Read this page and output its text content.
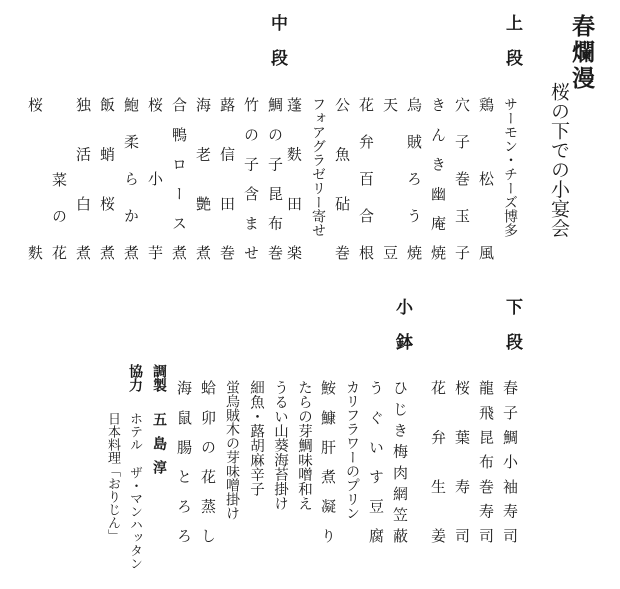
春爛漫
桜の下での小宴会
上段
サーモン・チーズ博多
鶏松風
穴子巻玉子
きんき幽庵焼
烏賊ろう焼
天豆
花弁百合根
公魚砧巻
フォアグラゼリー寄せ
蓬麩田楽
中段
鯛の子昆布巻
竹の子含ませ
蕗信田巻
海老艶煮
合鴨ロース煮
桜小芋
鮑柔らか煮
飯蛸桜煮
独活白煮
菜の花
桜麩
下段
春子鯛小袖寿司
龍飛昆布巻寿司
桜葉寿司
花弁生姜
小鉢
ひじき梅肉網笠蔽
うぐいす豆腐
カリフラワーのプリン
鮟鱇肝煮凝り
たらの芽鯛味噌和え
うるい山葵海苔掛け
細魚・蕗胡麻辛子
蛍烏賊木の芽味噌掛け
蛤卯の花蒸し
海鼠腸とろろ
調製
五島淳
協力
ホテル ザ・マンハッタン
日本料理「おりじん」
